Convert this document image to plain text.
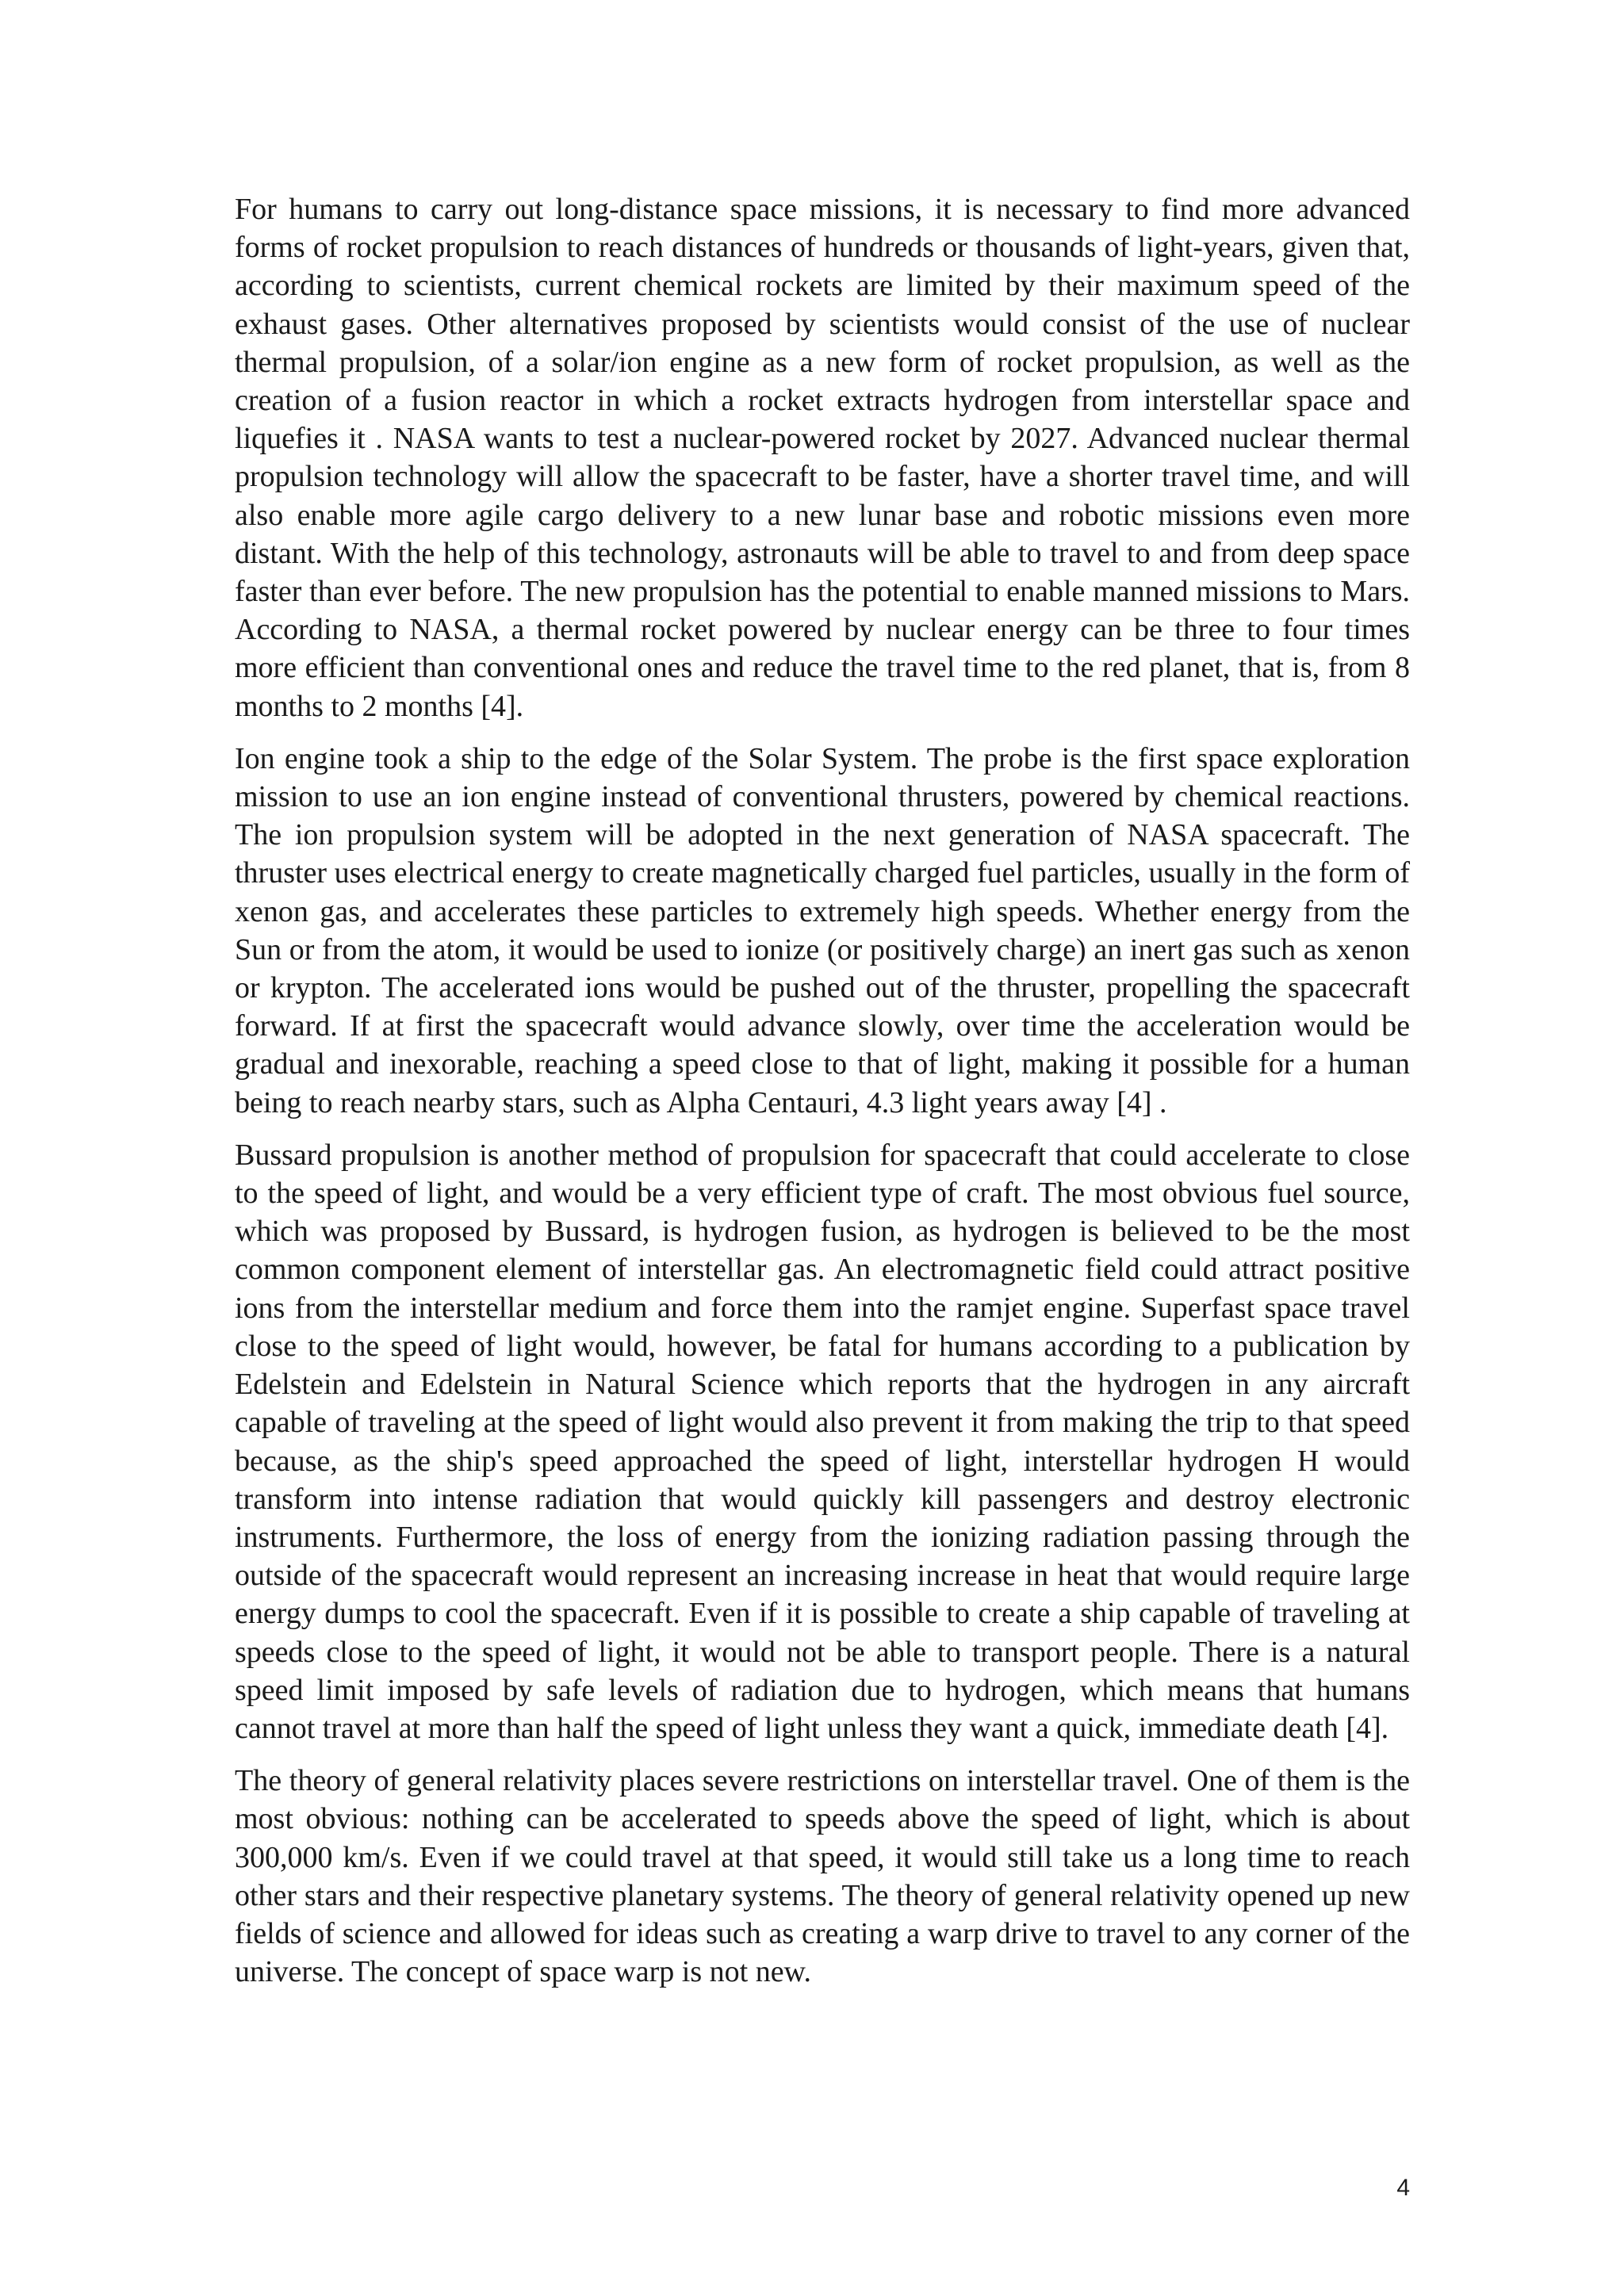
For humans to carry out long-distance space missions, it is necessary to find more advanced forms of rocket propulsion to reach distances of hundreds or thousands of light-years, given that, according to scientists, current chemical rockets are limited by their maximum speed of the exhaust gases. Other alternatives proposed by scientists would consist of the use of nuclear thermal propulsion, of a solar/ion engine as a new form of rocket propulsion, as well as the creation of a fusion reactor in which a rocket extracts hydrogen from interstellar space and liquefies it . NASA wants to test a nuclear-powered rocket by 2027. Advanced nuclear thermal propulsion technology will allow the spacecraft to be faster, have a shorter travel time, and will also enable more agile cargo delivery to a new lunar base and robotic missions even more distant. With the help of this technology, astronauts will be able to travel to and from deep space faster than ever before. The new propulsion has the potential to enable manned missions to Mars. According to NASA, a thermal rocket powered by nuclear energy can be three to four times more efficient than conventional ones and reduce the travel time to the red planet, that is, from 8 months to 2 months [4].

Ion engine took a ship to the edge of the Solar System. The probe is the first space exploration mission to use an ion engine instead of conventional thrusters, powered by chemical reactions. The ion propulsion system will be adopted in the next generation of NASA spacecraft. The thruster uses electrical energy to create magnetically charged fuel particles, usually in the form of xenon gas, and accelerates these particles to extremely high speeds. Whether energy from the Sun or from the atom, it would be used to ionize (or positively charge) an inert gas such as xenon or krypton. The accelerated ions would be pushed out of the thruster, propelling the spacecraft forward. If at first the spacecraft would advance slowly, over time the acceleration would be gradual and inexorable, reaching a speed close to that of light, making it possible for a human being to reach nearby stars, such as Alpha Centauri, 4.3 light years away [4] .

Bussard propulsion is another method of propulsion for spacecraft that could accelerate to close to the speed of light, and would be a very efficient type of craft. The most obvious fuel source, which was proposed by Bussard, is hydrogen fusion, as hydrogen is believed to be the most common component element of interstellar gas. An electromagnetic field could attract positive ions from the interstellar medium and force them into the ramjet engine. Superfast space travel close to the speed of light would, however, be fatal for humans according to a publication by Edelstein and Edelstein in Natural Science which reports that the hydrogen in any aircraft capable of traveling at the speed of light would also prevent it from making the trip to that speed because, as the ship's speed approached the speed of light, interstellar hydrogen H would transform into intense radiation that would quickly kill passengers and destroy electronic instruments. Furthermore, the loss of energy from the ionizing radiation passing through the outside of the spacecraft would represent an increasing increase in heat that would require large energy dumps to cool the spacecraft. Even if it is possible to create a ship capable of traveling at speeds close to the speed of light, it would not be able to transport people. There is a natural speed limit imposed by safe levels of radiation due to hydrogen, which means that humans cannot travel at more than half the speed of light unless they want a quick, immediate death [4].

The theory of general relativity places severe restrictions on interstellar travel. One of them is the most obvious: nothing can be accelerated to speeds above the speed of light, which is about 300,000 km/s. Even if we could travel at that speed, it would still take us a long time to reach other stars and their respective planetary systems. The theory of general relativity opened up new fields of science and allowed for ideas such as creating a warp drive to travel to any corner of the universe. The concept of space warp is not new.

4
